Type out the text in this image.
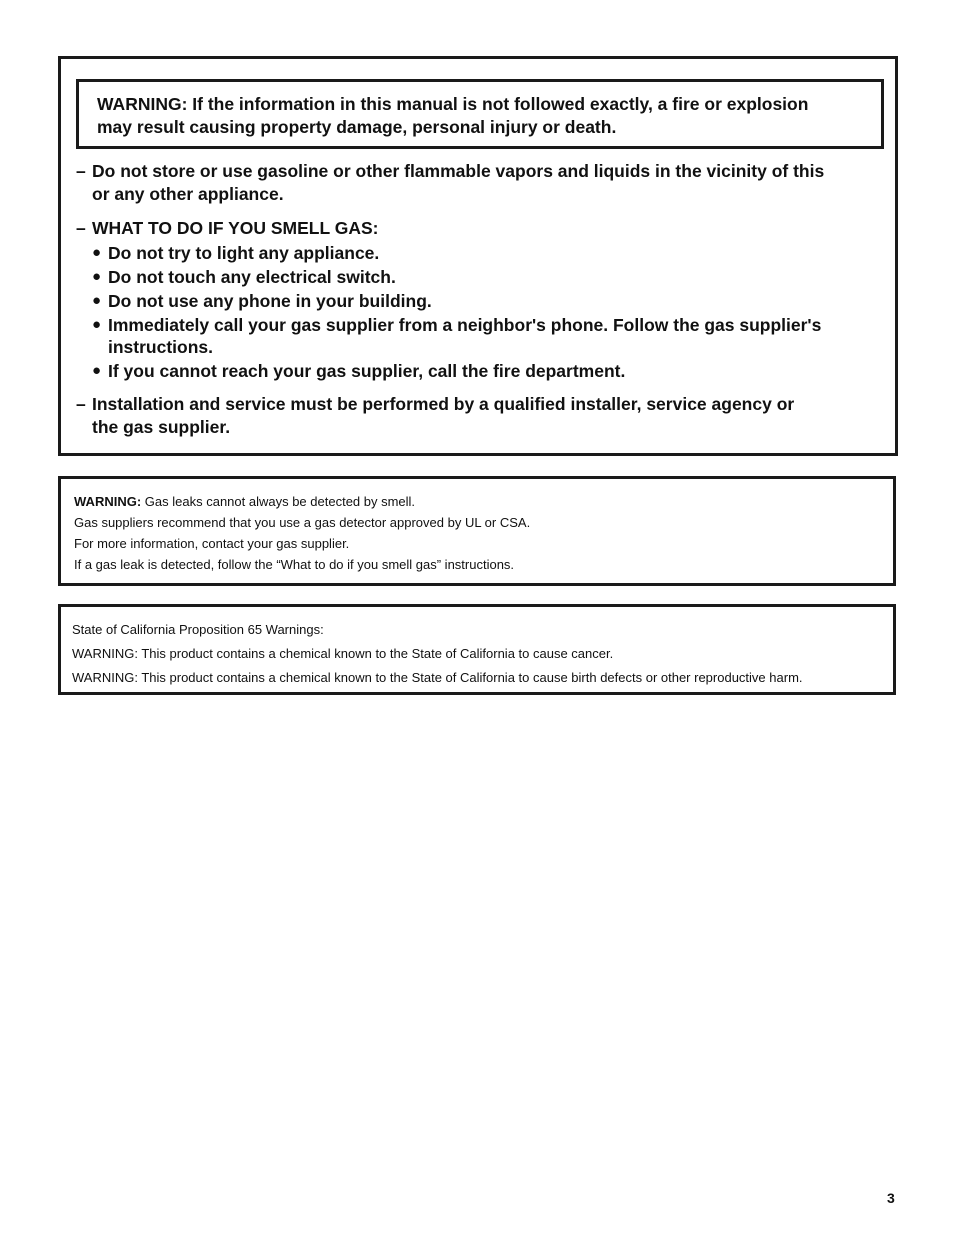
WARNING: If the information in this manual is not followed exactly, a fire or explosion
may result causing property damage, personal injury or death.
– Do not store or use gasoline or other flammable vapors and liquids in the vicinity of this
or any other appliance.
– WHAT TO DO IF YOU SMELL GAS:
● Do not try to light any appliance.
● Do not touch any electrical switch.
● Do not use any phone in your building.
● Immediately call your gas supplier from a neighbor's phone. Follow the gas supplier's
instructions.
● If you cannot reach your gas supplier, call the fire department.
– Installation and service must be performed by a qualified installer, service agency or
the gas supplier.
WARNING: Gas leaks cannot always be detected by smell.
Gas suppliers recommend that you use a gas detector approved by UL or CSA.
For more information, contact your gas supplier.
If a gas leak is detected, follow the “What to do if you smell gas” instructions.
State of California Proposition 65 Warnings:
WARNING: This product contains a chemical known to the State of California to cause cancer.
WARNING: This product contains a chemical known to the State of California to cause birth defects or other reproductive harm.
3
